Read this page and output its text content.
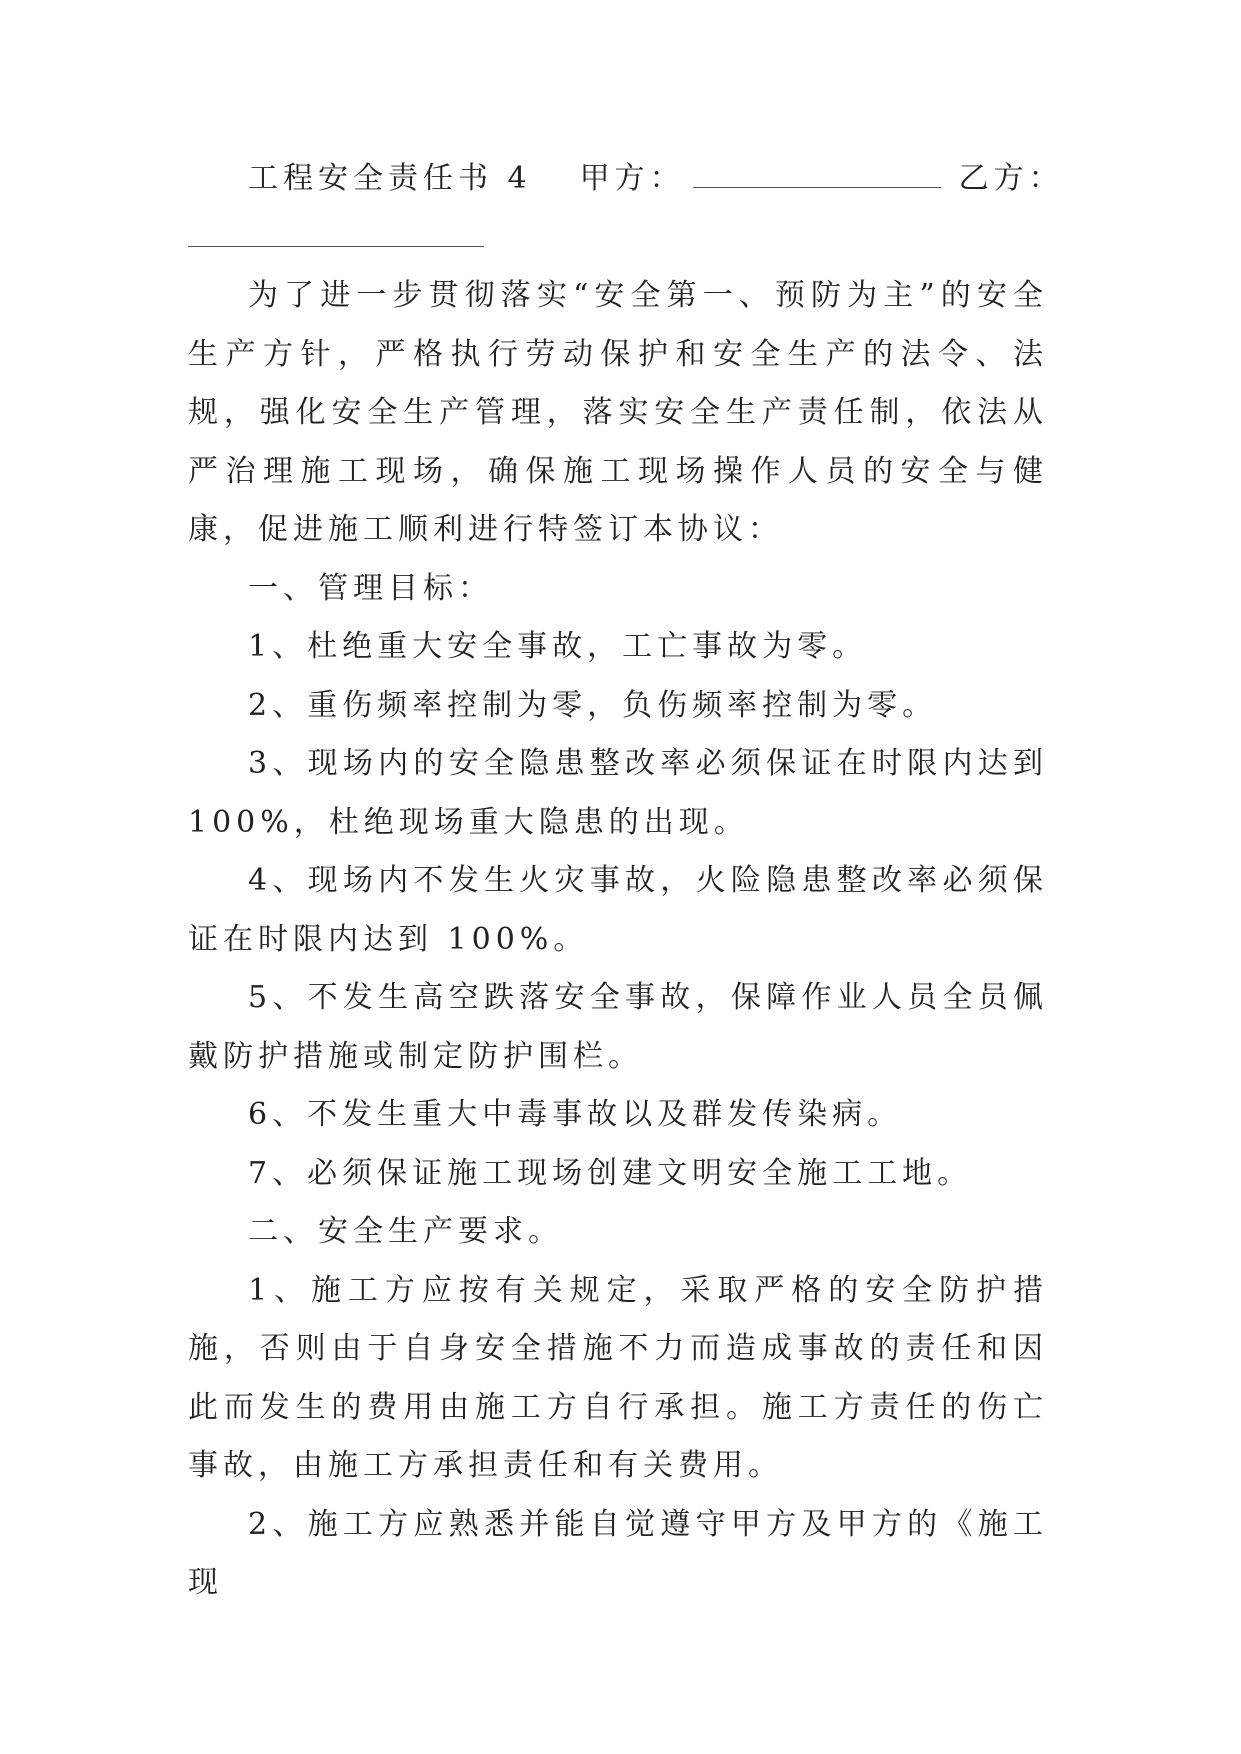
工程安全责任书 4 甲方：	乙方：

为了进一步贯彻落实“安全第一、预防为主”的安全生产方针，严格执行劳动保护和安全生产的法令、法规，强化安全生产管理，落实安全生产责任制，依法从严治理施工现场，确保施工现场操作人员的安全与健康，促进施工顺利进行特签订本协议：

一、管理目标：

1、杜绝重大安全事故，工亡事故为零。

2、重伤频率控制为零，负伤频率控制为零。

3、现场内的安全隐患整改率必须保证在时限内达到100%，杜绝现场重大隐患的出现。

4、现场内不发生火灾事故，火险隐患整改率必须保证在时限内达到 100%。

5、不发生高空跌落安全事故，保障作业人员全员佩戴防护措施或制定防护围栏。

6、不发生重大中毒事故以及群发传染病。

7、必须保证施工现场创建文明安全施工工地。

二、安全生产要求。

1、施工方应按有关规定，采取严格的安全防护措施，否则由于自身安全措施不力而造成事故的责任和因此而发生的费用由施工方自行承担。施工方责任的伤亡事故，由施工方承担责任和有关费用。

2、施工方应熟悉并能自觉遵守甲方及甲方的《施工现
